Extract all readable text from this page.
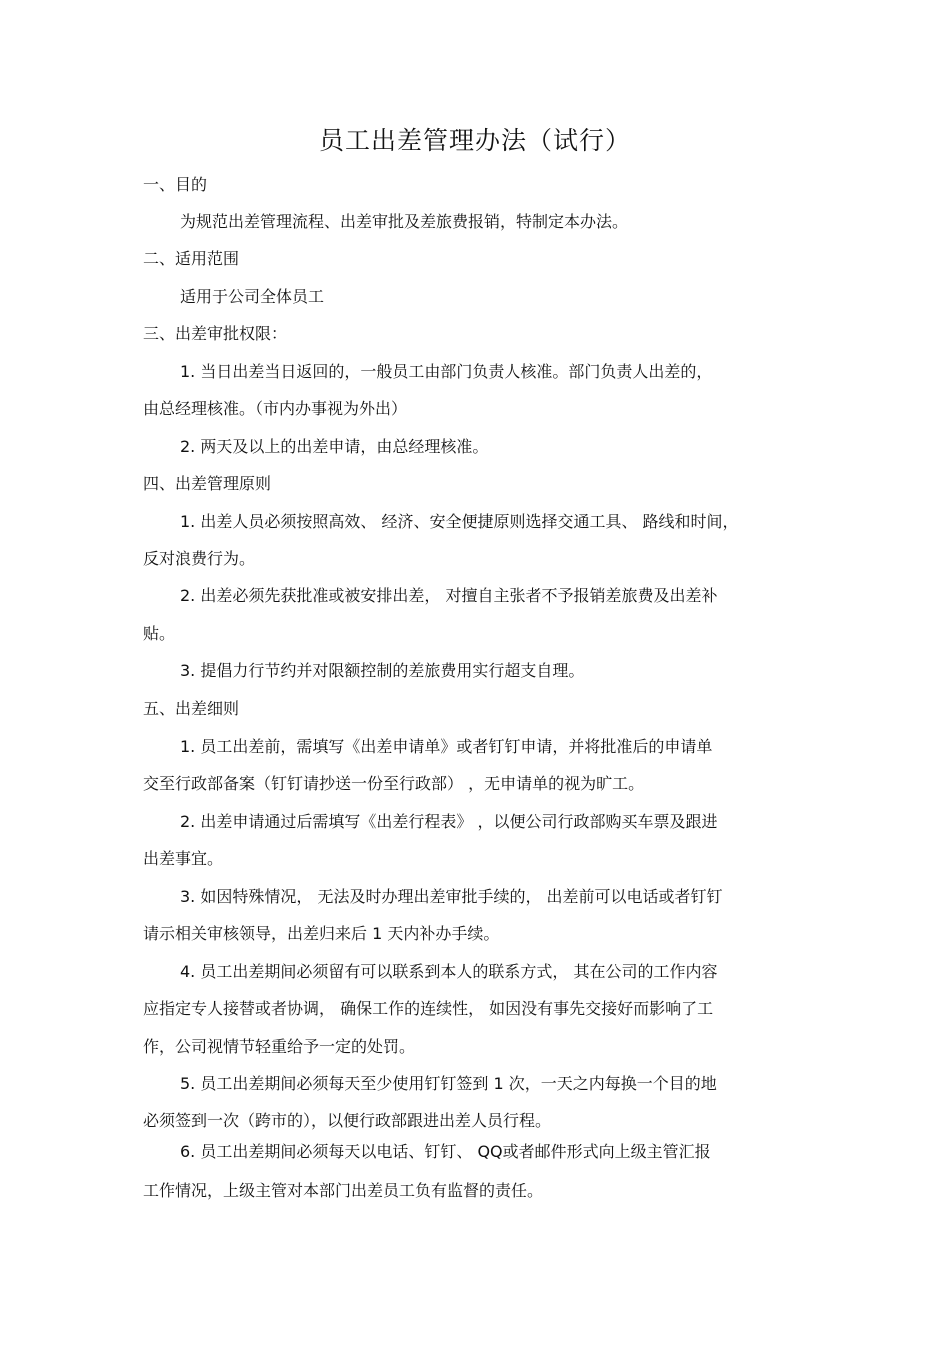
员工出差管理办法（试行）
一、目的
为规范出差管理流程、出差审批及差旅费报销，特制定本办法。
二、适用范围
适用于公司全体员工
三、出差审批权限：
1. 当日出差当日返回的，一般员工由部门负责人核准。部门负责人出差的，
由总经理核准。（市内办事视为外出）
2. 两天及以上的出差申请，由总经理核准。
四、出差管理原则
1. 出差人员必须按照高效、 经济、安全便捷原则选择交通工具、 路线和时间，
反对浪费行为。
2. 出差必须先获批准或被安排出差， 对擅自主张者不予报销差旅费及出差补
贴。
3. 提倡力行节约并对限额控制的差旅费用实行超支自理。
五、出差细则
1. 员工出差前，需填写《出差申请单》或者钉钉申请，并将批准后的申请单
交至行政部备案（钉钉请抄送一份至行政部） ，无申请单的视为旷工。
2. 出差申请通过后需填写《出差行程表》 ，以便公司行政部购买车票及跟进
出差事宜。
3. 如因特殊情况， 无法及时办理出差审批手续的， 出差前可以电话或者钉钉
请示相关审核领导，出差归来后 1 天内补办手续。
4. 员工出差期间必须留有可以联系到本人的联系方式， 其在公司的工作内容
应指定专人接替或者协调， 确保工作的连续性， 如因没有事先交接好而影响了工
作，公司视情节轻重给予一定的处罚。
5. 员工出差期间必须每天至少使用钉钉签到 1 次，一天之内每换一个目的地
必须签到一次（跨市的），以便行政部跟进出差人员行程。
6. 员工出差期间必须每天以电话、钉钉、 QQ或者邮件形式向上级主管汇报
工作情况，上级主管对本部门出差员工负有监督的责任。
